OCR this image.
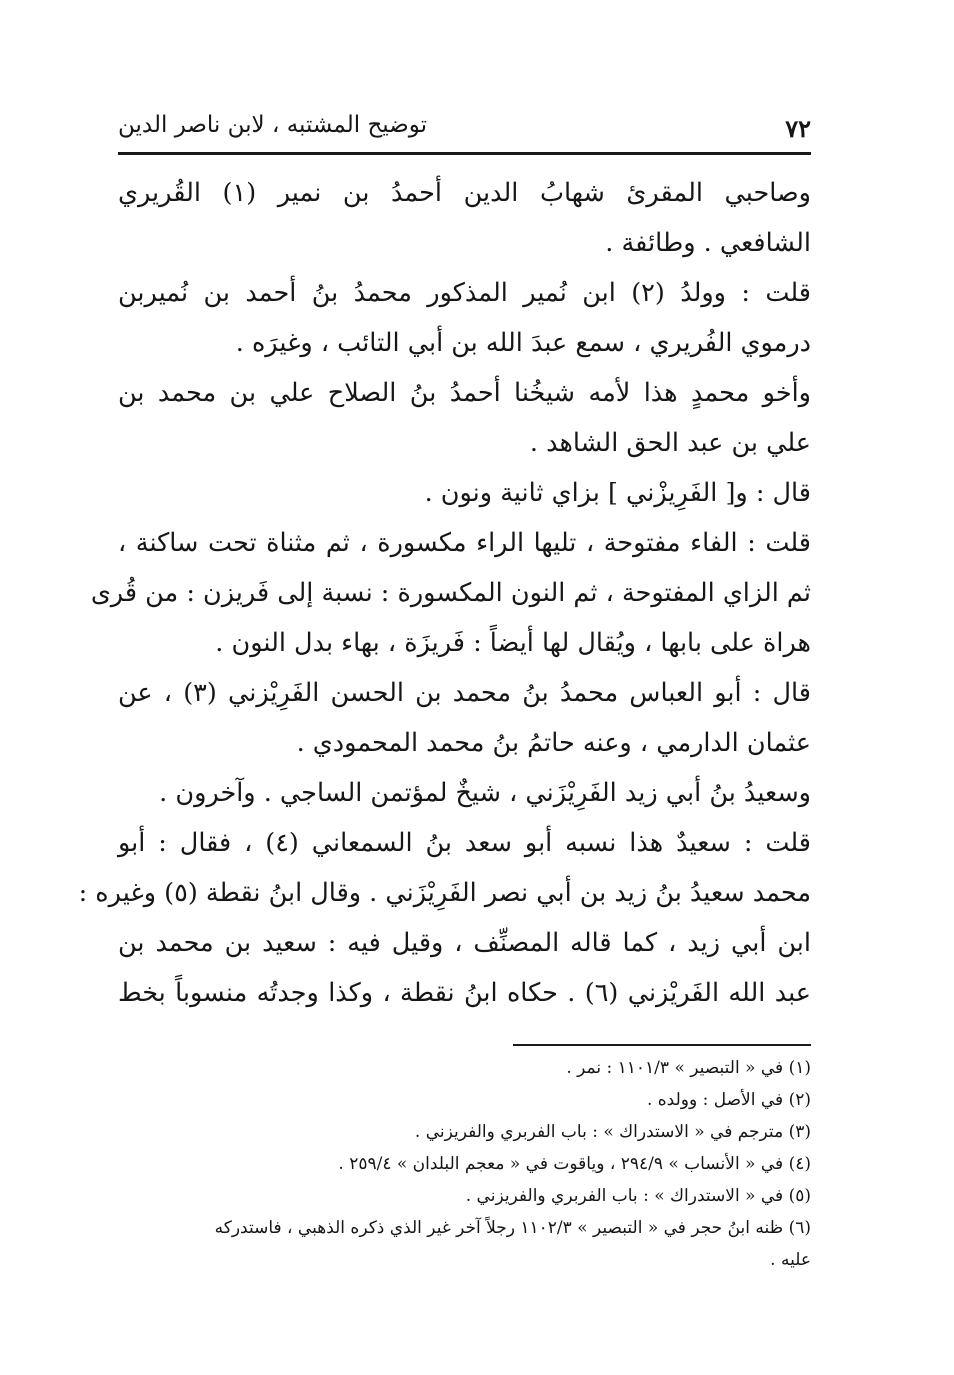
٧٢
توضيح المشتبه ، لابن ناصر الدين
وصاحبي المقرئ شهابُ الدين أحمدُ بن نمير (١) القُريري
الشافعي . وطائفة .
قلت : وولدُ (٢) ابن نُمير المذكور محمدُ بنُ أحمد بن نُميربن
درموي الفُريري ، سمع عبدَ الله بن أبي التائب ، وغيرَه .
وأخو محمدٍ هذا لأمه شيخُنا أحمدُ بنُ الصلاح علي بن محمد بن
علي بن عبد الحق الشاهد .
قال : و[ الفَرِيزْني ] بزاي ثانية ونون .
قلت : الفاء مفتوحة ، تليها الراء مكسورة ، ثم مثناة تحت ساكنة ،
ثم الزاي المفتوحة ، ثم النون المكسورة : نسبة إلى فَريزن : من قُرى
هراة على بابها ، ويُقال لها أيضاً : فَريزَة ، بهاء بدل النون .
قال : أبو العباس محمدُ بنُ محمد بن الحسن الفَرِيْزني (٣) ، عن
عثمان الدارمي ، وعنه حاتمُ بنُ محمد المحمودي .
وسعيدُ بنُ أبي زيد الفَرِيْزَني ، شيخٌ لمؤتمن الساجي . وآخرون .
قلت : سعيدٌ هذا نسبه أبو سعد بنُ السمعاني (٤) ، فقال : أبو
محمد سعيدُ بنُ زيد بن أبي نصر الفَرِيْزَني . وقال ابنُ نقطة (٥) وغيره :
ابن أبي زيد ، كما قاله المصنِّف ، وقيل فيه : سعيد بن محمد بن
عبد الله الفَريْزني (٦) . حكاه ابنُ نقطة ، وكذا وجدتُه منسوباً بخط
(١) في « التبصير » ١١٠١/٣ : نمر .
(٢) في الأصل : وولده .
(٣) مترجم في « الاستدراك » : باب الفربري والفريزني .
(٤) في « الأنساب » ٢٩٤/٩ ، وياقوت في « معجم البلدان » ٢٥٩/٤ .
(٥) في « الاستدراك » : باب الفربري والفريزني .
(٦) ظنه ابنُ حجر في « التبصير » ١١٠٢/٣ رجلاً آخر غير الذي ذكره الذهبي ، فاستدركه
عليه .
